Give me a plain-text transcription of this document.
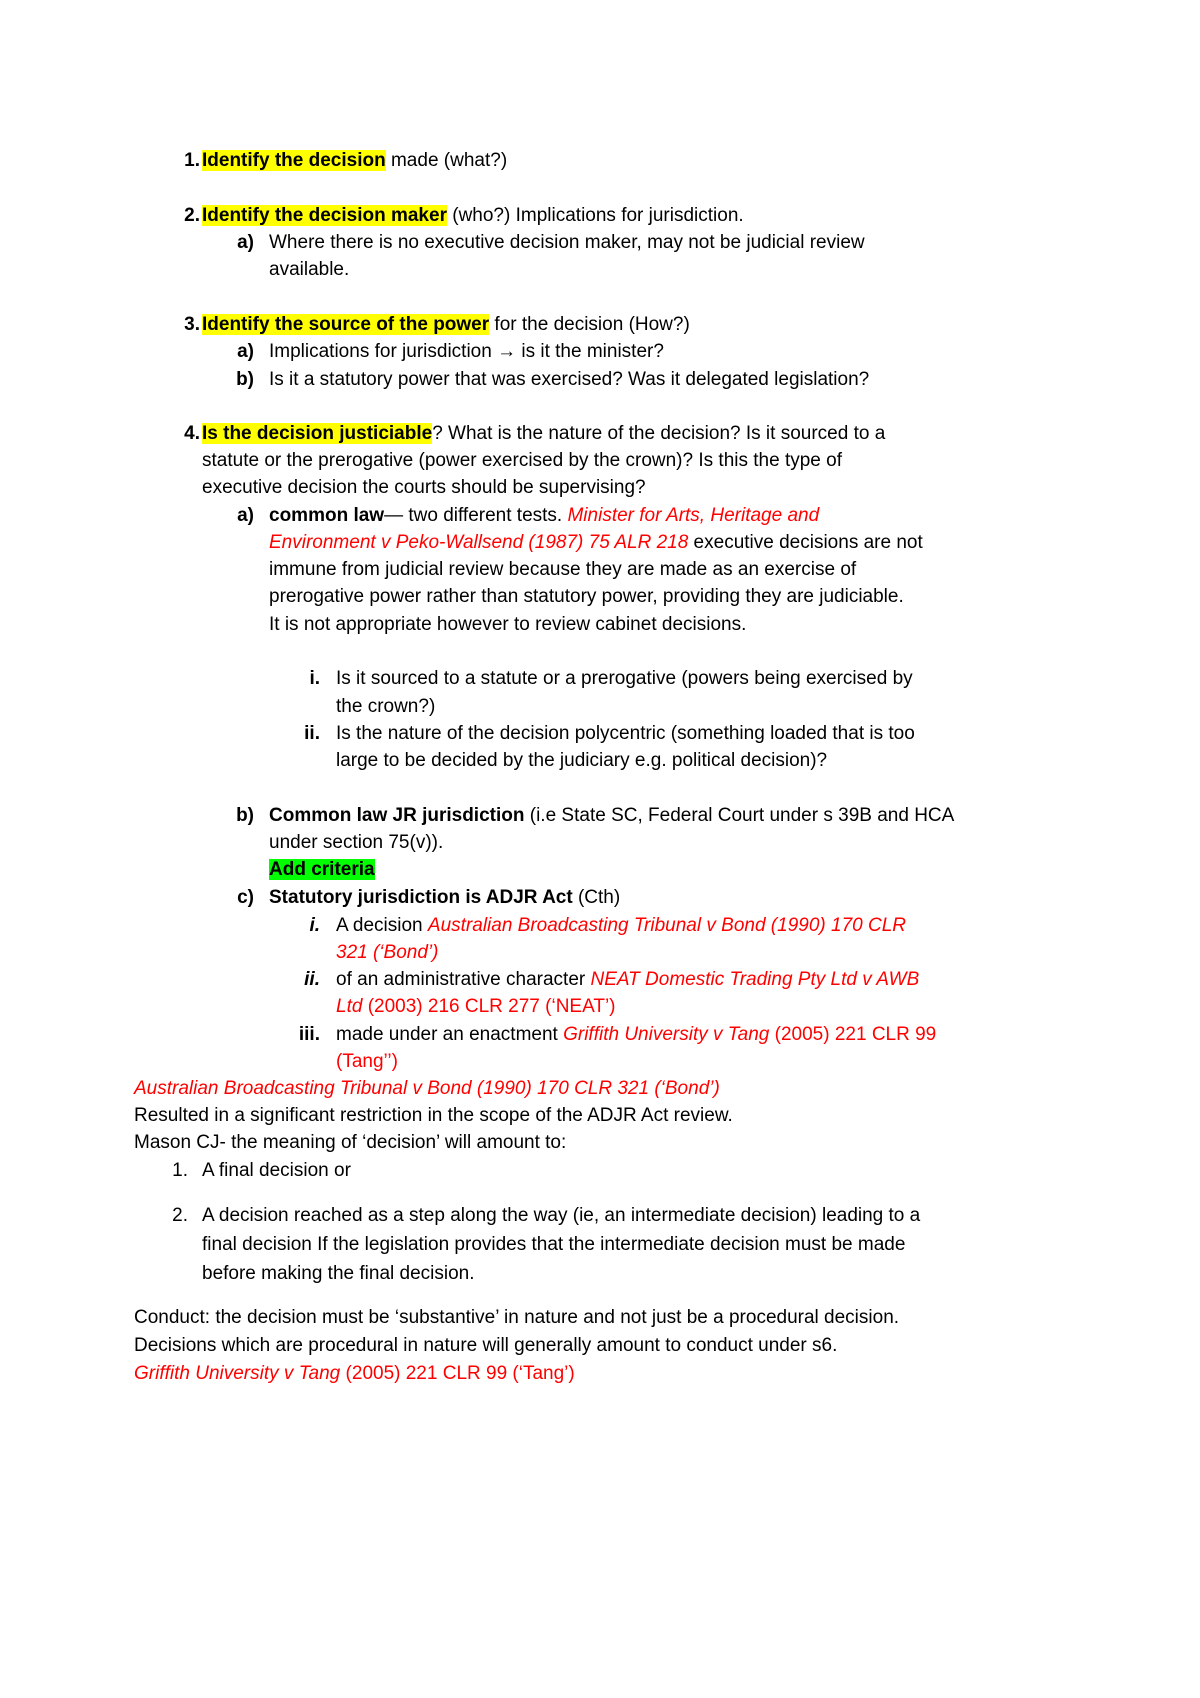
1. Identify the decision made (what?)
2. Identify the decision maker (who?) Implications for jurisdiction.
a) Where there is no executive decision maker, may not be judicial review
available.
3. Identify the source of the power for the decision (How?)
a) Implications for jurisdiction → is it the minister?
b) Is it a statutory power that was exercised? Was it delegated legislation?
4. Is the decision justiciable? What is the nature of the decision? Is it sourced to a
statute or the prerogative (power exercised by the crown)? Is this the type of
executive decision the courts should be supervising?
a) common law— two different tests. Minister for Arts, Heritage and
Environment v Peko-Wallsend (1987) 75 ALR 218 executive decisions are not
immune from judicial review because they are made as an exercise of
prerogative power rather than statutory power, providing they are judiciable.
It is not appropriate however to review cabinet decisions.
i. Is it sourced to a statute or a prerogative (powers being exercised by
the crown?)
ii. Is the nature of the decision polycentric (something loaded that is too
large to be decided by the judiciary e.g. political decision)?
b) Common law JR jurisdiction (i.e State SC, Federal Court under s 39B and HCA
under section 75(v)).
Add criteria
c) Statutory jurisdiction is ADJR Act (Cth)
i. A decision Australian Broadcasting Tribunal v Bond (1990) 170 CLR
321 (‘Bond’)
ii. of an administrative character NEAT Domestic Trading Pty Ltd v AWB
Ltd (2003) 216 CLR 277 (‘NEAT’)
iii. made under an enactment Griffith University v Tang (2005) 221 CLR 99
(Tang’’)
Australian Broadcasting Tribunal v Bond (1990) 170 CLR 321 (‘Bond’)
Resulted in a significant restriction in the scope of the ADJR Act review.
Mason CJ- the meaning of ‘decision’ will amount to:
1. A final decision or
2. A decision reached as a step along the way (ie, an intermediate decision) leading to a
final decision If the legislation provides that the intermediate decision must be made
before making the final decision.
Conduct: the decision must be ‘substantive’ in nature and not just be a procedural decision.
Decisions which are procedural in nature will generally amount to conduct under s6.
Griffith University v Tang (2005) 221 CLR 99 (‘Tang’)
